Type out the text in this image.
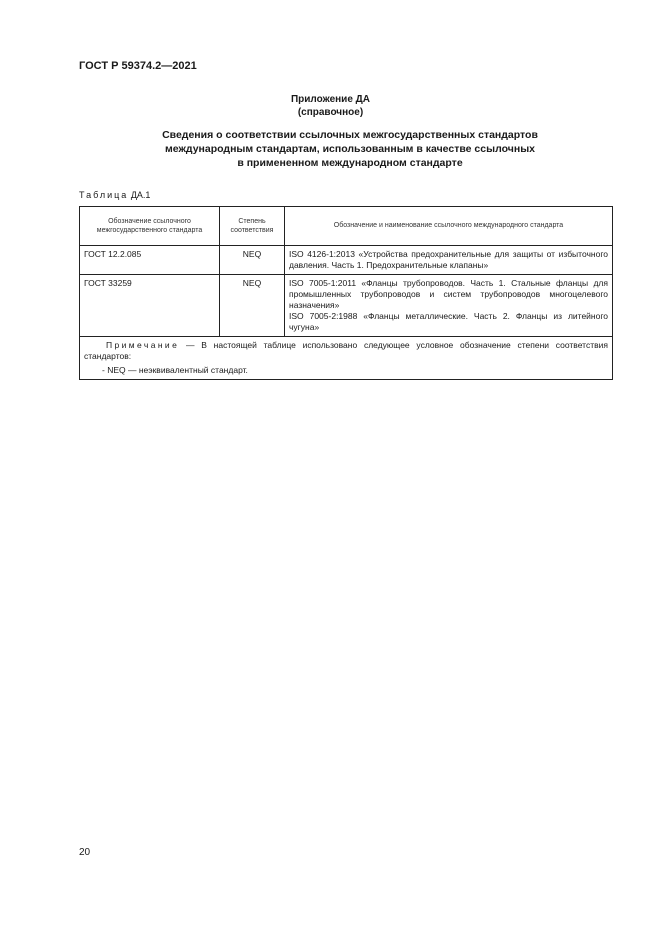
ГОСТ Р 59374.2—2021
Приложение ДА
(справочное)
Сведения о соответствии ссылочных межгосударственных стандартов
международным стандартам, использованным в качестве ссылочных
в примененном международном стандарте
Таблица ДА.1
Обозначение ссылочного межгосударственного стандарта	Степень соответствия	Обозначение и наименование ссылочного международного стандарта
ГОСТ 12.2.085	NEQ	ISO 4126-1:2013 «Устройства предохранительные для защиты от избыточного давления. Часть 1. Предохранительные клапаны»

ГОСТ 33259	NEQ	ISO 7005-1:2011 «Фланцы трубопроводов. Часть 1. Стальные фланцы для промышленных трубопроводов и систем трубопроводов многоцелевого назначения»

ISO 7005-2:1988 «Фланцы металлические. Часть 2. Фланцы из литейного чугуна»

Примечание — В настоящей таблице использовано следующее условное обозначение степени соответствия стандартов:

- NEQ — неэквивалентный стандарт.		
20
